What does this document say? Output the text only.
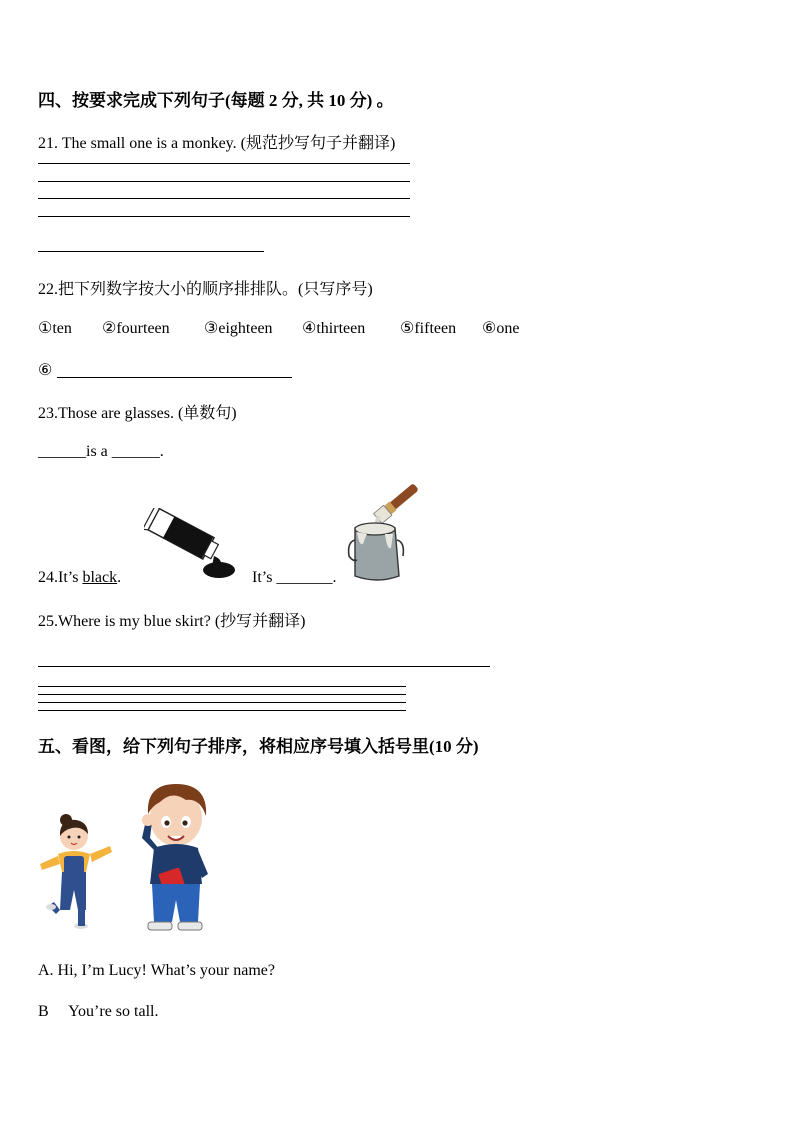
四、按要求完成下列句子(每题 2 分, 共 10 分) 。
21. The small one is a monkey. (规范抄写句子并翻译)
22.把下列数字按大小的顺序排排队。(只写序号)
①ten ②fourteen ③eighteen ④thirteen ⑤fifteen ⑥one
⑥
23.Those are glasses. (单数句)
______is a ______.
24.It’s black.	It’s _______.
25.Where is my blue skirt? (抄写并翻译)
五、看图，给下列句子排序，将相应序号填入括号里(10 分)
A. Hi, I’m Lucy! What’s your name?
B     You’re so tall.
